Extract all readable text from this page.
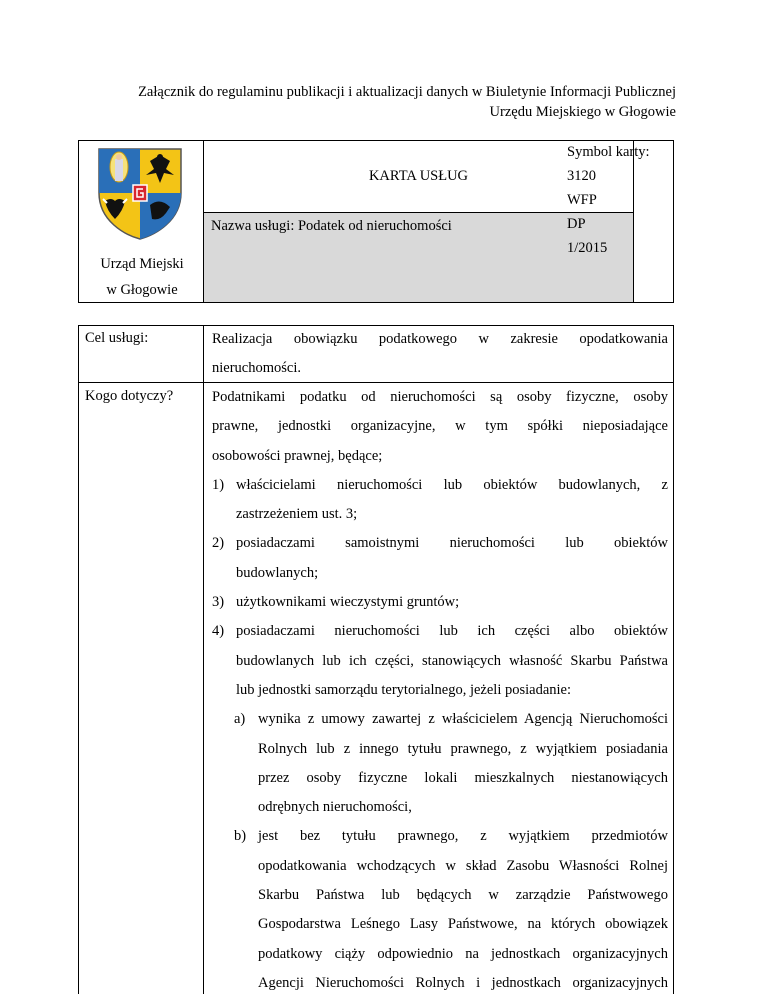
Załącznik do regulaminu publikacji i aktualizacji danych w Biuletynie Informacji Publicznej
Urzędu Miejskiego w Głogowie
Urząd Miejski
w Głogowie
KARTA USŁUG
Nazwa usługi: Podatek od nieruchomości
Symbol karty:
3120
WFP
DP
1/2015
Cel usługi:	Realizacja obowiązku podatkowego w zakresie opodatkowania

nieruchomości.

Kogo dotyczy?	Podatnikami podatku od nieruchomości są osoby fizyczne, osoby

prawne, jednostki organizacyjne, w tym spółki nieposiadające

osobowości prawnej, będące;

1) właścicielami nieruchomości lub obiektów budowlanych, z

zastrzeżeniem ust. 3;

2) posiadaczami samoistnymi nieruchomości lub obiektów

budowlanych;

3) użytkownikami wieczystymi gruntów;

4) posiadaczami nieruchomości lub ich części albo obiektów

budowlanych lub ich części, stanowiących własność Skarbu Państwa

lub jednostki samorządu terytorialnego, jeżeli posiadanie:

a) wynika z umowy zawartej z właścicielem Agencją Nieruchomości

Rolnych lub z innego tytułu prawnego, z wyjątkiem posiadania

przez osoby fizyczne lokali mieszkalnych niestanowiących

odrębnych nieruchomości,

b) jest bez tytułu prawnego, z wyjątkiem przedmiotów

opodatkowania wchodzących w skład Zasobu Własności Rolnej

Skarbu Państwa lub będących w zarządzie Państwowego

Gospodarstwa Leśnego Lasy Państwowe, na których obowiązek

podatkowy ciąży odpowiednio na jednostkach organizacyjnych

Agencji Nieruchomości Rolnych i jednostkach organizacyjnych
